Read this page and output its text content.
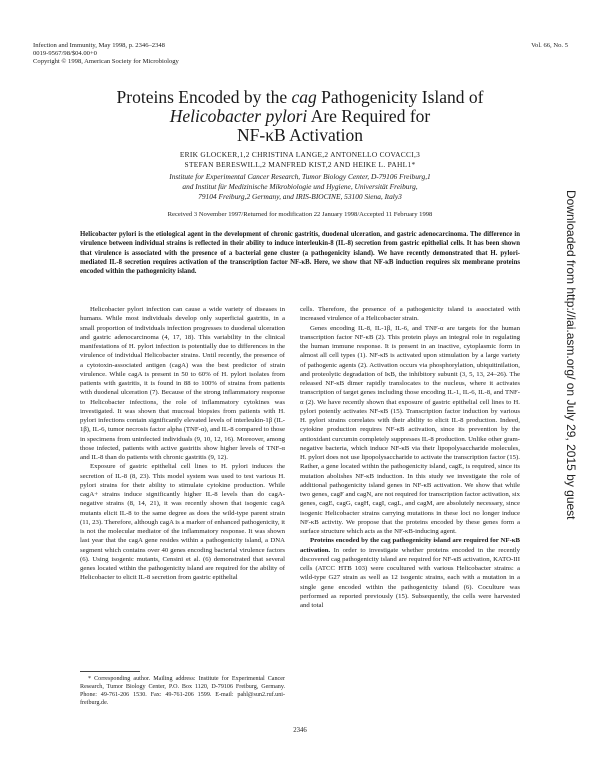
Infection and Immunity, May 1998, p. 2346–2348
0019-9567/98/$04.00+0
Copyright © 1998, American Society for Microbiology
Vol. 66, No. 5
Proteins Encoded by the cag Pathogenicity Island of
Helicobacter pylori Are Required for
NF-κB Activation
ERIK GLOCKER,1,2 CHRISTINA LANGE,2 ANTONELLO COVACCI,3
STEFAN BERESWILL,2 MANFRED KIST,2 AND HEIKE L. PAHL1*
Institute for Experimental Cancer Research, Tumor Biology Center, D-79106 Freiburg,1
and Institut für Medizinische Mikrobiologie und Hygiene, Universität Freiburg,
79104 Freiburg,2 Germany, and IRIS-BIOCINE, 53100 Siena, Italy3
Received 3 November 1997/Returned for modification 22 January 1998/Accepted 11 February 1998
Helicobacter pylori is the etiological agent in the development of chronic gastritis, duodenal ulceration, and gastric adenocarcinoma. The difference in virulence between individual strains is reflected in their ability to induce interleukin-8 (IL-8) secretion from gastric epithelial cells. It has been shown that virulence is associated with the presence of a bacterial gene cluster (a pathogenicity island). We have recently demonstrated that H. pylori-mediated IL-8 secretion requires activation of the transcription factor NF-κB. Here, we show that NF-κB induction requires six membrane proteins encoded within the pathogenicity island.

Helicobacter pylori infection can cause a wide variety of diseases in humans. While most individuals develop only superficial gastritis, in a small proportion of individuals infection progresses to duodenal ulceration and gastric adenocarcinoma (4, 17, 18). This variability in the clinical manifestations of H. pylori infection is potentially due to differences in the virulence of individual Helicobacter strains. Until recently, the presence of a cytotoxin-associated antigen (cagA) was the best predictor of strain virulence. While cagA is present in 50 to 60% of H. pylori isolates from patients with gastritis, it is found in 88 to 100% of strains from patients with duodenal ulceration (7). Because of the strong inflammatory response to Helicobacter infections, the role of inflammatory cytokines was investigated. It was shown that mucosal biopsies from patients with H. pylori infections contain significantly elevated levels of interleukin-1β (IL-1β), IL-6, tumor necrosis factor alpha (TNF-α), and IL-8 compared to those in specimens from uninfected individuals (9, 10, 12, 16). Moreover, among those infected, patients with active gastritis show higher levels of TNF-α and IL-8 than do patients with chronic gastritis (9, 12).

Exposure of gastric epithelial cell lines to H. pylori induces the secretion of IL-8 (8, 23). This model system was used to test various H. pylori strains for their ability to stimulate cytokine production. While cagA+ strains induce significantly higher IL-8 levels than do cagA-negative strains (8, 14, 21), it was recently shown that isogenic cagA mutants elicit IL-8 to the same degree as does the wild-type parent strain (11, 23). Therefore, although cagA is a marker of enhanced pathogenicity, it is not the molecular mediator of the inflammatory response. It was shown last year that the cagA gene resides within a pathogenicity island, a DNA segment which contains over 40 genes encoding bacterial virulence factors (6). Using isogenic mutants, Censini et al. (6) demonstrated that several genes located within the pathogenicity island are required for the ability of Helicobacter to elicit IL-8 secretion from gastric epithelial

* Corresponding author. Mailing address: Institute for Experimental Cancer Research, Tumor Biology Center, P.O. Box 1120, D-79106 Freiburg, Germany. Phone: 49-761-206 1530. Fax: 49-761-206 1599. E-mail: pahl@sun2.ruf.uni-freiburg.de.

cells. Therefore, the presence of a pathogenicity island is associated with increased virulence of a Helicobacter strain.

Genes encoding IL-8, IL-1β, IL-6, and TNF-α are targets for the human transcription factor NF-κB (2). This protein plays an integral role in regulating the human immune response. It is present in an inactive, cytoplasmic form in almost all cell types (1). NF-κB is activated upon stimulation by a large variety of pathogenic agents (2). Activation occurs via phosphorylation, ubiquitinilation, and proteolytic degradation of IκB, the inhibitory subunit (3, 5, 13, 24–26). The released NF-κB dimer rapidly translocates to the nucleus, where it activates transcription of target genes including those encoding IL-1, IL-6, IL-8, and TNF-α (2). We have recently shown that exposure of gastric epithelial cell lines to H. pylori potently activates NF-κB (15). Transcription factor induction by various H. pylori strains correlates with their ability to elicit IL-8 production. Indeed, cytokine production requires NF-κB activation, since its prevention by the antioxidant curcumin completely suppresses IL-8 production. Unlike other gram-negative bacteria, which induce NF-κB via their lipopolysaccharide molecules, H. pylori does not use lipopolysaccharide to activate the transcription factor (15). Rather, a gene located within the pathogenicity island, cagE, is required, since its mutation abolishes NF-κB induction. In this study we investigate the role of additional pathogenicity island genes in NF-κB activation. We show that while two genes, cagF and cagN, are not required for transcription factor activation, six genes, cagE, cagG, cagH, cagI, cagL, and cagM, are absolutely necessary, since isogenic Helicobacter strains carrying mutations in these loci no longer induce NF-κB activity. We propose that the proteins encoded by these genes form a surface structure which acts as the NF-κB-inducing agent.

Proteins encoded by the cag pathogenicity island are required for NF-κB activation. In order to investigate whether proteins encoded in the recently discovered cag pathogenicity island are required for NF-κB activation, KATO-III cells (ATCC HTB 103) were cocultured with various Helicobacter strains: a wild-type G27 strain as well as 12 isogenic strains, each with a mutation in a single gene encoded within the pathogenicity island (6). Coculture was performed as reported previously (15). Subsequently, the cells were harvested and total

2346
Downloaded from http://iai.asm.org/ on July 29, 2015 by guest
